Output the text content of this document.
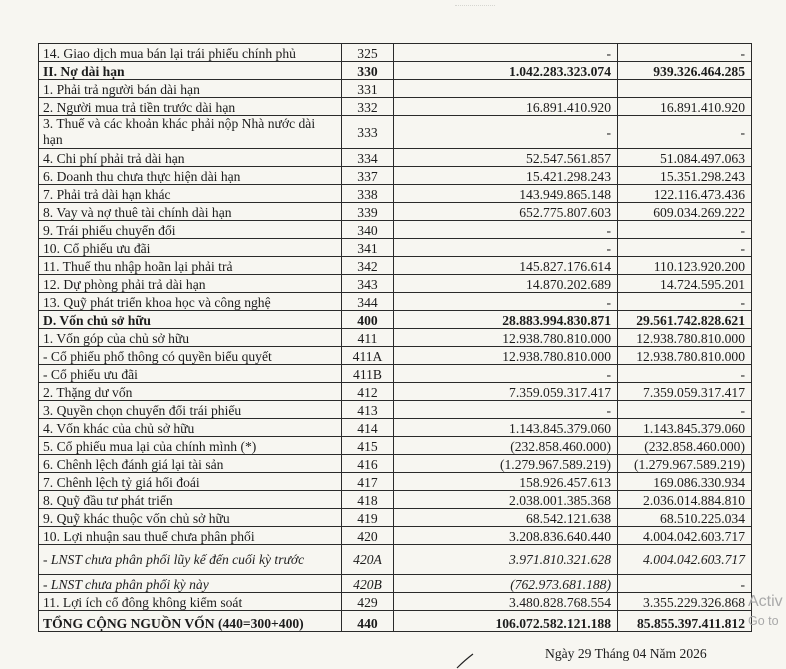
14. Giao dịch mua bán lại trái phiếu chính phủ	325	-	-
II. Nợ dài hạn	330	1.042.283.323.074	939.326.464.285
1. Phải trả người bán dài hạn	331		
2. Người mua trả tiền trước dài hạn	332	16.891.410.920	16.891.410.920
3. Thuế và các khoản khác phải nộp Nhà nước dài hạn	333	-	-
4. Chi phí phải trả dài hạn	334	52.547.561.857	51.084.497.063
6. Doanh thu chưa thực hiện dài hạn	337	15.421.298.243	15.351.298.243
7. Phải trả dài hạn khác	338	143.949.865.148	122.116.473.436
8. Vay và nợ thuê tài chính dài hạn	339	652.775.807.603	609.034.269.222
9. Trái phiếu chuyển đổi	340	-	-
10. Cổ phiếu ưu đãi	341	-	-
11. Thuế thu nhập hoãn lại phải trả	342	145.827.176.614	110.123.920.200
12. Dự phòng phải trả dài hạn	343	14.870.202.689	14.724.595.201
13. Quỹ phát triển khoa học và công nghệ	344	-	-
D. Vốn chủ sở hữu	400	28.883.994.830.871	29.561.742.828.621
1. Vốn góp của chủ sở hữu	411	12.938.780.810.000	12.938.780.810.000
- Cổ phiếu phổ thông có quyền biểu quyết	411A	12.938.780.810.000	12.938.780.810.000
- Cổ phiếu ưu đãi	411B	-	-
2. Thặng dư vốn	412	7.359.059.317.417	7.359.059.317.417
3. Quyền chọn chuyển đổi trái phiếu	413	-	-
4. Vốn khác của chủ sở hữu	414	1.143.845.379.060	1.143.845.379.060
5. Cổ phiếu mua lại của chính mình (*)	415	(232.858.460.000)	(232.858.460.000)
6. Chênh lệch đánh giá lại tài sản	416	(1.279.967.589.219)	(1.279.967.589.219)
7. Chênh lệch tỷ giá hối đoái	417	158.926.457.613	169.086.330.934
8. Quỹ đầu tư phát triển	418	2.038.001.385.368	2.036.014.884.810
9. Quỹ khác thuộc vốn chủ sở hữu	419	68.542.121.638	68.510.225.034
10. Lợi nhuận sau thuế chưa phân phối	420	3.208.836.640.440	4.004.042.603.717
- LNST chưa phân phối lũy kế đến cuối kỳ trước	420A	3.971.810.321.628	4.004.042.603.717
- LNST chưa phân phối kỳ này	420B	(762.973.681.188)	-
11. Lợi ích cổ đông không kiểm soát	429	3.480.828.768.554	3.355.229.326.868
TỔNG CỘNG NGUỒN VỐN (440=300+400)	440	106.072.582.121.188	85.855.397.411.812
Activ
Go to
Ngày 29 Tháng 04 Năm 2026
